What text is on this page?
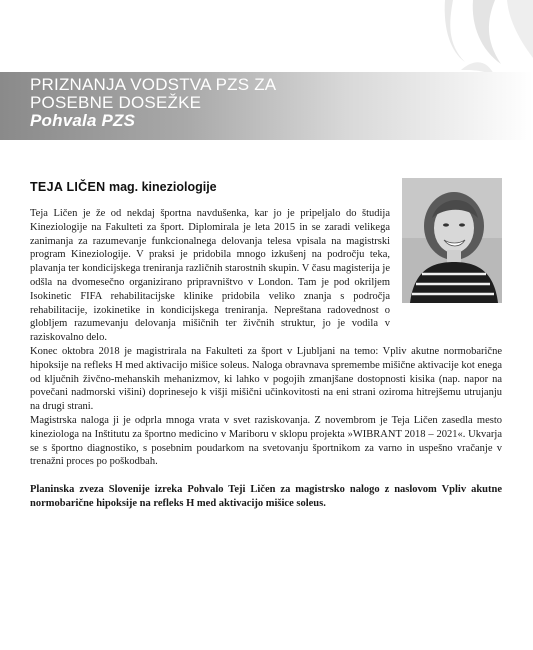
PRIZNANJA VODSTVA PZS ZA
POSEBNE DOSEŽKE
Pohvala PZS
TEJA LIČEN mag. kineziologije

Teja Ličen je že od nekdaj športna navdušenka, kar jo je pripeljalo do študija Kineziologije na Fakulteti za šport. Diplomirala je leta 2015 in se zaradi velikega zanimanja za razumevanje funkcionalnega delovanja telesa vpisala na magistrski program Kineziologije. V praksi je pridobila mnogo izkušenj na področju teka, plavanja ter kondicijskega treniranja različnih starostnih skupin. V času magisterija je odšla na dvomesečno organizirano pripravništvo v London. Tam je pod okriljem Isokinetic FIFA rehabilitacijske klinike pridobila veliko znanja s področja rehabilitacije, izokinetike in kondicijskega treniranja. Nepreštana radovednost o globljem razumevanju delovanja mišičnih ter živčnih struktur, jo je vodila v raziskovalno delo.

Konec oktobra 2018 je magistrirala na Fakulteti za šport v Ljubljani na temo: Vpliv akutne normobarične hipoksije na refleks H med aktivacijo mišice soleus. Naloga obravnava spremembe mišične aktivacije kot enega od ključnih živčno-mehanskih mehanizmov, ki lahko v pogojih zmanjšane dostopnosti kisika (nap. napor na povečani nadmorski višini) doprinesejo k višji mišični učinkovitosti na eni strani oziroma hitrejšemu utrujanju na drugi strani.

Magistrska naloga ji je odprla mnoga vrata v svet raziskovanja. Z novembrom je Teja Ličen zasedla mesto kineziologa na Inštitutu za športno medicino v Mariboru v sklopu projekta »WIBRANT 2018 – 2021«. Ukvarja se s športno diagnostiko, s posebnim poudarkom na svetovanju športnikom za varno in uspešno vračanje v trenažni proces po poškodbah.

Planinska zveza Slovenije izreka Pohvalo Teji Ličen za magistrsko nalogo z naslovom Vpliv akutne normobarične hipoksije na refleks H med aktivacijo mišice soleus.
